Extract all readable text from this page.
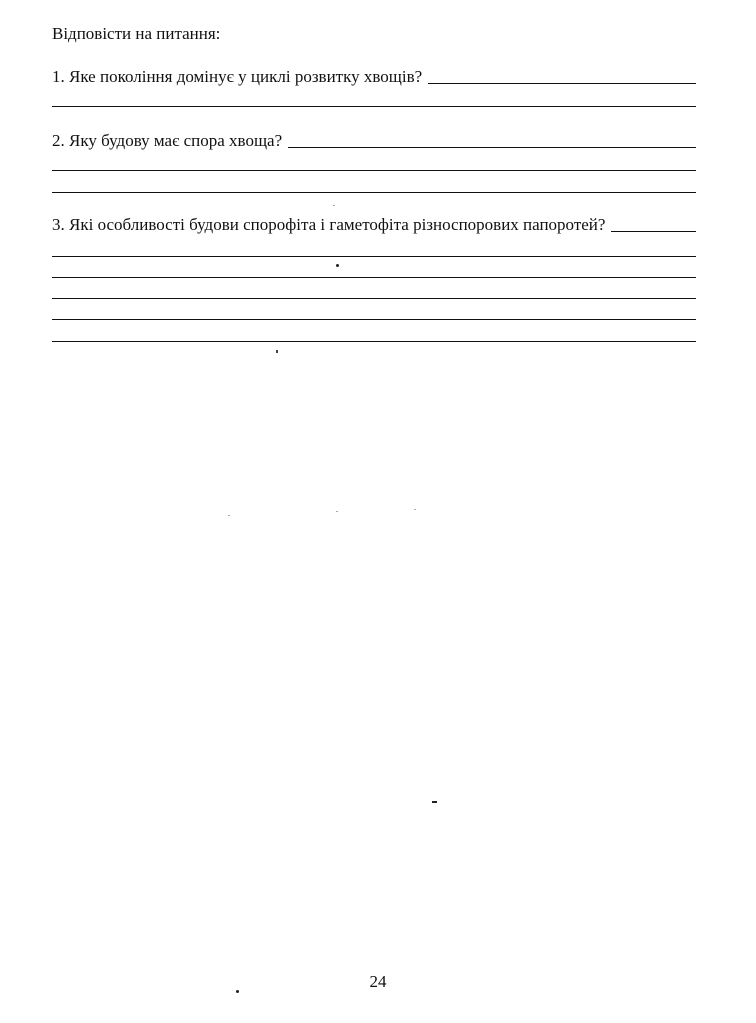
Відповісти на питання:
1. Яке покоління домінує у циклі розвитку хвощів?
2. Яку будову має спора хвоща?
3. Які особливості будови спорофіта і гаметофіта різноспорових папоротей?
24
